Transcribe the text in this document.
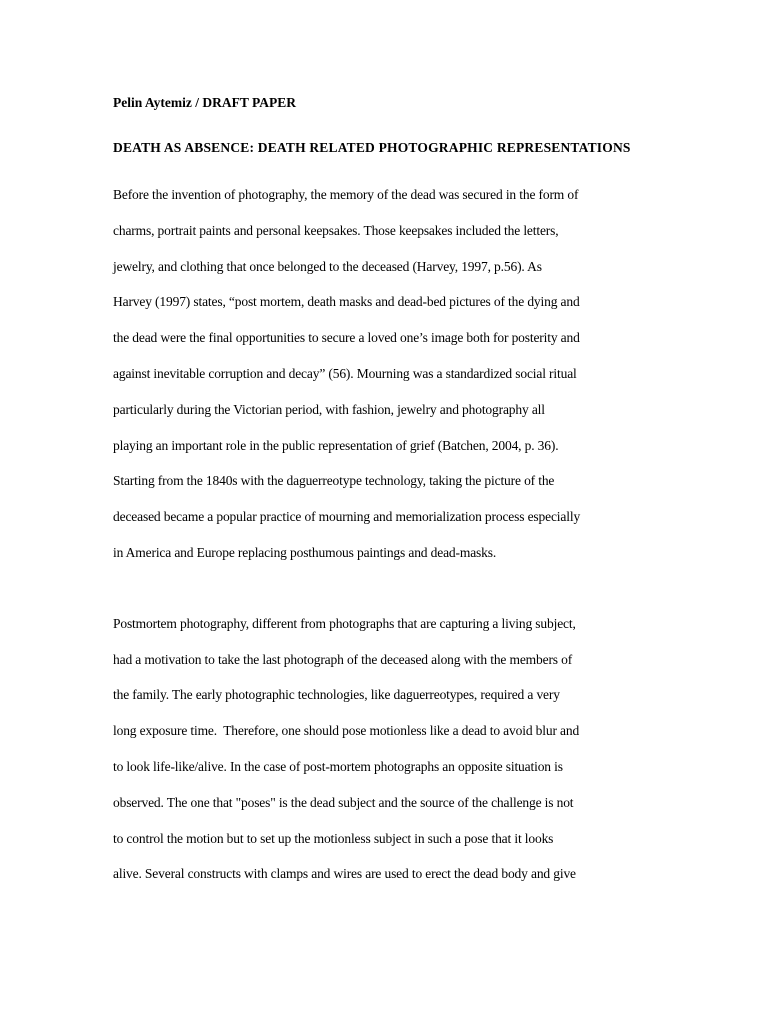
Pelin Aytemiz / DRAFT PAPER

DEATH AS ABSENCE: DEATH RELATED PHOTOGRAPHIC REPRESENTATIONS

Before the invention of photography, the memory of the dead was secured in the form of
charms, portrait paints and personal keepsakes. Those keepsakes included the letters,
jewelry, and clothing that once belonged to the deceased (Harvey, 1997, p.56). As
Harvey (1997) states, “post mortem, death masks and dead-bed pictures of the dying and
the dead were the final opportunities to secure a loved one’s image both for posterity and
against inevitable corruption and decay” (56). Mourning was a standardized social ritual
particularly during the Victorian period, with fashion, jewelry and photography all
playing an important role in the public representation of grief (Batchen, 2004, p. 36).
Starting from the 1840s with the daguerreotype technology, taking the picture of the
deceased became a popular practice of mourning and memorialization process especially
in America and Europe replacing posthumous paintings and dead-masks.

Postmortem photography, different from photographs that are capturing a living subject,
had a motivation to take the last photograph of the deceased along with the members of
the family. The early photographic technologies, like daguerreotypes, required a very
long exposure time.  Therefore, one should pose motionless like a dead to avoid blur and
to look life-like/alive. In the case of post-mortem photographs an opposite situation is
observed. The one that "poses" is the dead subject and the source of the challenge is not
to control the motion but to set up the motionless subject in such a pose that it looks
alive. Several constructs with clamps and wires are used to erect the dead body and give
